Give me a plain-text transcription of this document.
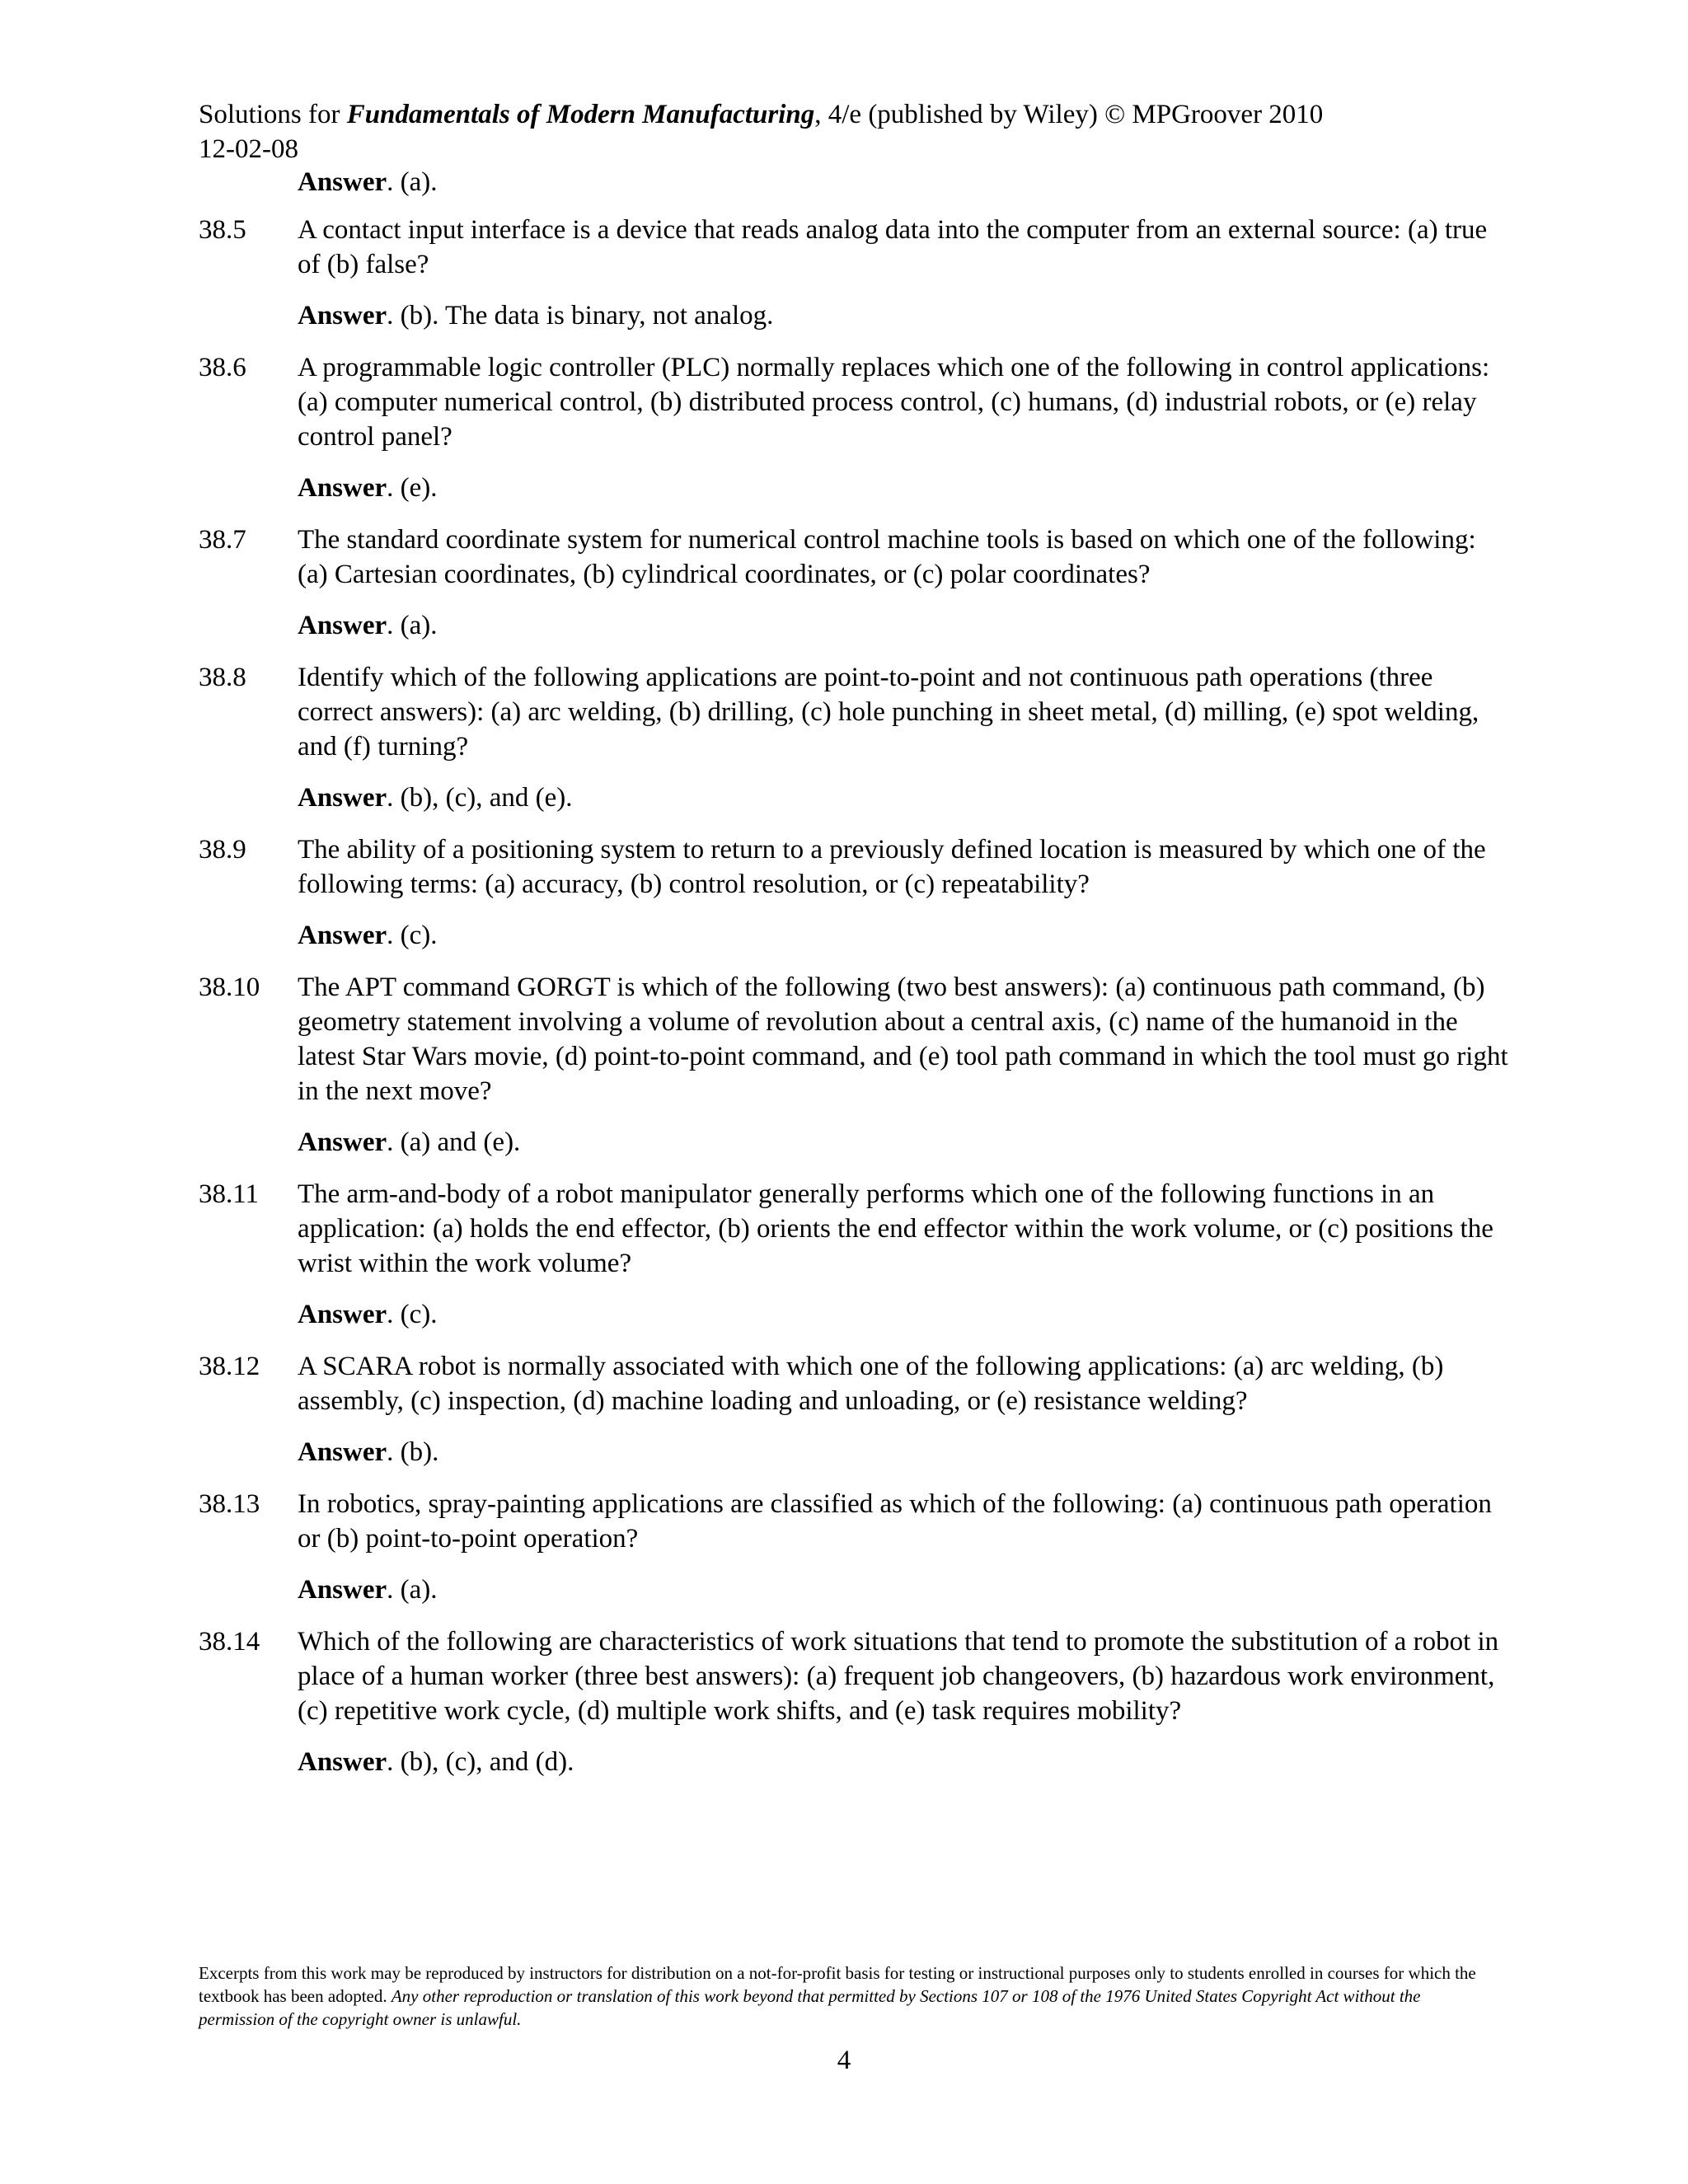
Solutions for Fundamentals of Modern Manufacturing, 4/e (published by Wiley) © MPGroover 2010
12-02-08
Answer. (a).
38.5	A contact input interface is a device that reads analog data into the computer from an external source: (a) true of (b) false?

Answer. (b). The data is binary, not analog.

38.6	A programmable logic controller (PLC) normally replaces which one of the following in control applications: (a) computer numerical control, (b) distributed process control, (c) humans, (d) industrial robots, or (e) relay control panel?

Answer. (e).

38.7	The standard coordinate system for numerical control machine tools is based on which one of the following: (a) Cartesian coordinates, (b) cylindrical coordinates, or (c) polar coordinates?

Answer. (a).

38.8	Identify which of the following applications are point-to-point and not continuous path operations (three correct answers): (a) arc welding, (b) drilling, (c) hole punching in sheet metal, (d) milling, (e) spot welding, and (f) turning?

Answer. (b), (c), and (e).

38.9	The ability of a positioning system to return to a previously defined location is measured by which one of the following terms: (a) accuracy, (b) control resolution, or (c) repeatability?

Answer. (c).

38.10	The APT command GORGT is which of the following (two best answers): (a) continuous path command, (b) geometry statement involving a volume of revolution about a central axis, (c) name of the humanoid in the latest Star Wars movie, (d) point-to-point command, and (e) tool path command in which the tool must go right in the next move?

Answer. (a) and (e).

38.11	The arm-and-body of a robot manipulator generally performs which one of the following functions in an application: (a) holds the end effector, (b) orients the end effector within the work volume, or (c) positions the wrist within the work volume?

Answer. (c).

38.12	A SCARA robot is normally associated with which one of the following applications: (a) arc welding, (b) assembly, (c) inspection, (d) machine loading and unloading, or (e) resistance welding?

Answer. (b).

38.13	In robotics, spray-painting applications are classified as which of the following: (a) continuous path operation or (b) point-to-point operation?

Answer. (a).

38.14	Which of the following are characteristics of work situations that tend to promote the substitution of a robot in place of a human worker (three best answers): (a) frequent job changeovers, (b) hazardous work environment, (c) repetitive work cycle, (d) multiple work shifts, and (e) task requires mobility?

Answer. (b), (c), and (d).

Excerpts from this work may be reproduced by instructors for distribution on a not-for-profit basis for testing or instructional purposes only to students enrolled in courses for which the textbook has been adopted. Any other reproduction or translation of this work beyond that permitted by Sections 107 or 108 of the 1976 United States Copyright Act without the permission of the copyright owner is unlawful.
4
